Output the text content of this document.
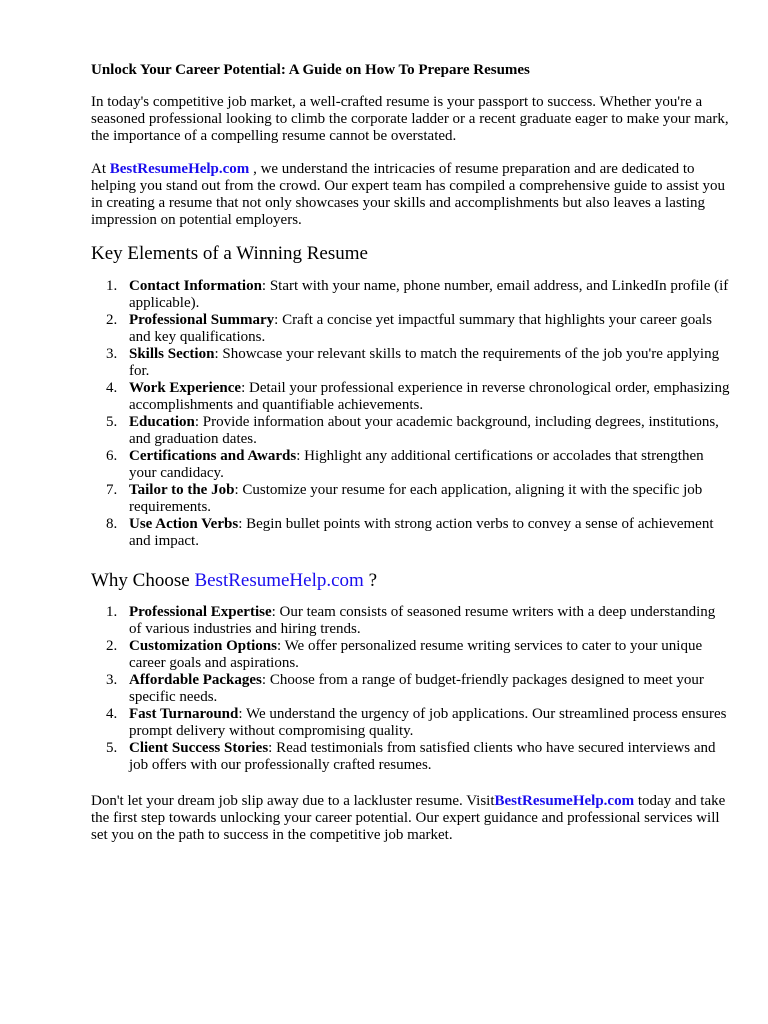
Unlock Your Career Potential: A Guide on How To Prepare Resumes

In today's competitive job market, a well-crafted resume is your passport to success. Whether you're a seasoned professional looking to climb the corporate ladder or a recent graduate eager to make your mark, the importance of a compelling resume cannot be overstated.

At BestResumeHelp.com , we understand the intricacies of resume preparation and are dedicated to helping you stand out from the crowd. Our expert team has compiled a comprehensive guide to assist you in creating a resume that not only showcases your skills and accomplishments but also leaves a lasting impression on potential employers.

Key Elements of a Winning Resume
1. Contact Information: Start with your name, phone number, email address, and LinkedIn profile (if applicable).
2. Professional Summary: Craft a concise yet impactful summary that highlights your career goals and key qualifications.
3. Skills Section: Showcase your relevant skills to match the requirements of the job you're applying for.
4. Work Experience: Detail your professional experience in reverse chronological order, emphasizing accomplishments and quantifiable achievements.
5. Education: Provide information about your academic background, including degrees, institutions, and graduation dates.
6. Certifications and Awards: Highlight any additional certifications or accolades that strengthen your candidacy.
7. Tailor to the Job: Customize your resume for each application, aligning it with the specific job requirements.
8. Use Action Verbs: Begin bullet points with strong action verbs to convey a sense of achievement and impact.
Why Choose BestResumeHelp.com ?
1. Professional Expertise: Our team consists of seasoned resume writers with a deep understanding of various industries and hiring trends.
2. Customization Options: We offer personalized resume writing services to cater to your unique career goals and aspirations.
3. Affordable Packages: Choose from a range of budget-friendly packages designed to meet your specific needs.
4. Fast Turnaround: We understand the urgency of job applications. Our streamlined process ensures prompt delivery without compromising quality.
5. Client Success Stories: Read testimonials from satisfied clients who have secured interviews and job offers with our professionally crafted resumes.

Don't let your dream job slip away due to a lackluster resume. VisitBestResumeHelp.com today and take the first step towards unlocking your career potential. Our expert guidance and professional services will set you on the path to success in the competitive job market.
